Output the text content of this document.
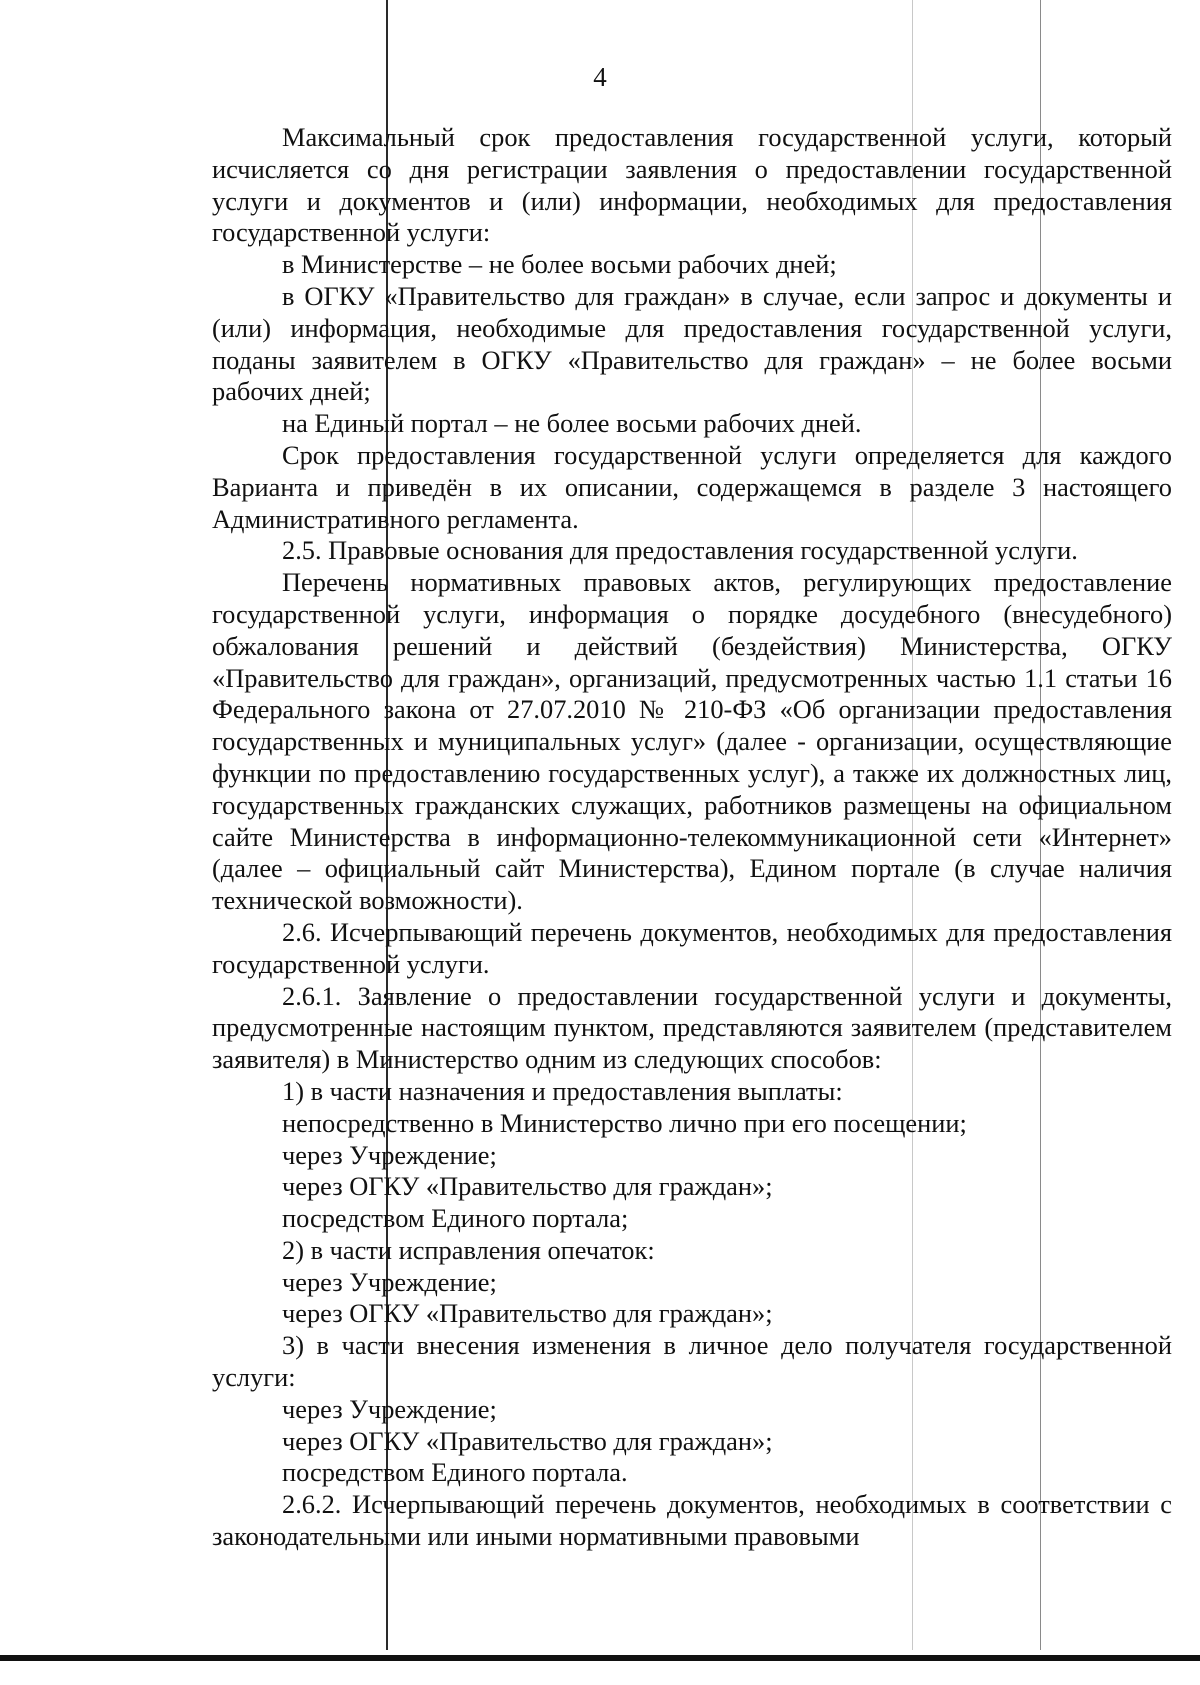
4

Максимальный срок предоставления государственной услуги, который исчисляется со дня регистрации заявления о предоставлении государственной услуги и документов и (или) информации, необходимых для предоставления государственной услуги:

в Министерстве – не более восьми рабочих дней;

в ОГКУ «Правительство для граждан» в случае, если запрос и документы и (или) информация, необходимые для предоставления государственной услуги, поданы заявителем в ОГКУ «Правительство для граждан» – не более восьми рабочих дней;

на Единый портал – не более восьми рабочих дней.

Срок предоставления государственной услуги определяется для каждого Варианта и приведён в их описании, содержащемся в разделе 3 настоящего Административного регламента.

2.5. Правовые основания для предоставления государственной услуги.

Перечень нормативных правовых актов, регулирующих предоставление государственной услуги, информация о порядке досудебного (внесудебного) обжалования решений и действий (бездействия) Министерства, ОГКУ «Правительство для граждан», организаций, предусмотренных частью 1.1 статьи 16 Федерального закона от 27.07.2010 № 210-ФЗ «Об организации предоставления государственных и муниципальных услуг» (далее - организации, осуществляющие функции по предоставлению государственных услуг), а также их должностных лиц, государственных гражданских служащих, работников размещены на официальном сайте Министерства в информационно-телекоммуникационной сети «Интернет» (далее – официальный сайт Министерства), Едином портале (в случае наличия технической возможности).

2.6. Исчерпывающий перечень документов, необходимых для предоставления государственной услуги.

2.6.1. Заявление о предоставлении государственной услуги и документы, предусмотренные настоящим пунктом, представляются заявителем (представителем заявителя) в Министерство одним из следующих способов:

1) в части назначения и предоставления выплаты:

непосредственно в Министерство лично при его посещении;

через Учреждение;

через ОГКУ «Правительство для граждан»;

посредством Единого портала;

2) в части исправления опечаток:

через Учреждение;

через ОГКУ «Правительство для граждан»;

3) в части внесения изменения в личное дело получателя государственной услуги:

через Учреждение;

через ОГКУ «Правительство для граждан»;

посредством Единого портала.

2.6.2. Исчерпывающий перечень документов, необходимых в соответствии с законодательными или иными нормативными правовыми
